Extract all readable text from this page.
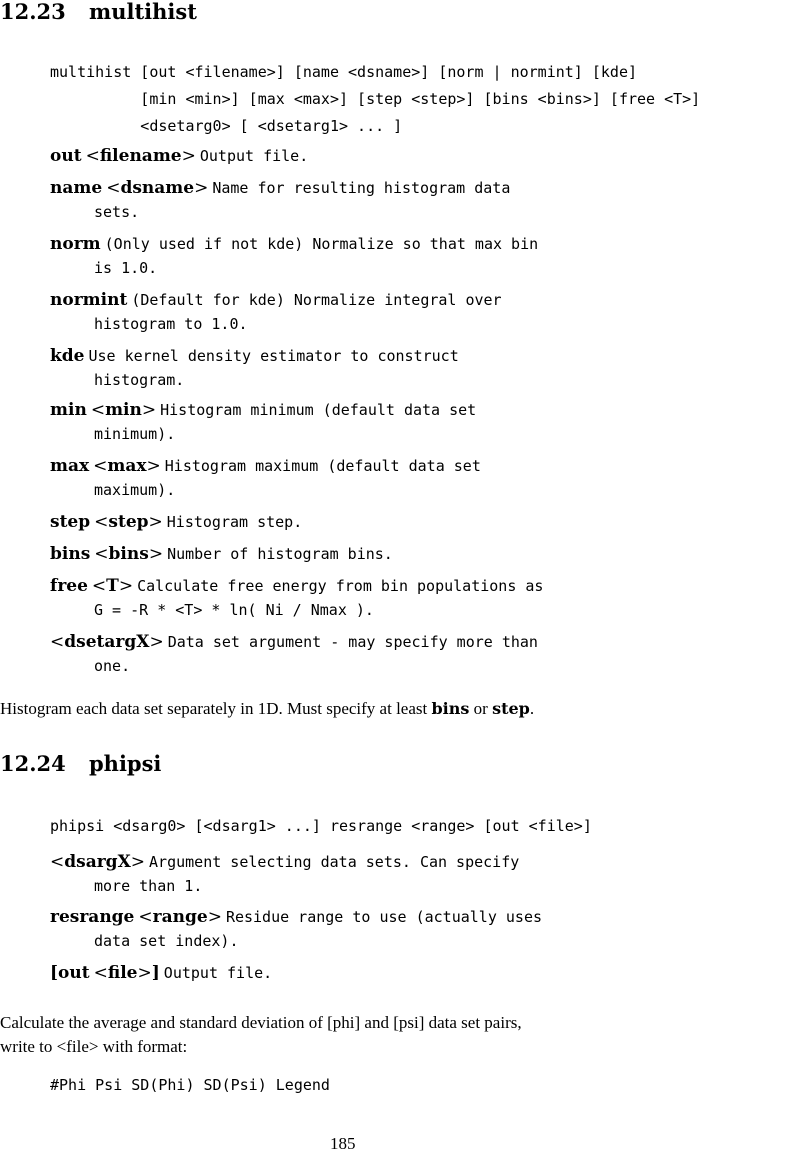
12.23 multihist
multihist [out <filename>] [name <dsname>] [norm | normint] [kde]
[min <min>] [max <max>] [step <step>] [bins <bins>] [free <T>]
<dsetarg0> [ <dsetarg1> ... ]
out <filename> Output file.
name <dsname> Name for resulting histogram data
sets.
norm (Only used if not kde) Normalize so that max bin
is 1.0.
normint (Default for kde) Normalize integral over
histogram to 1.0.
kde Use kernel density estimator to construct
histogram.
min <min> Histogram minimum (default data set
minimum).
max <max> Histogram maximum (default data set
maximum).
step <step> Histogram step.
bins <bins> Number of histogram bins.
free <T> Calculate free energy from bin populations as
G = -R * <T> * ln( Ni / Nmax ).
<dsetargX> Data set argument - may specify more than
one.

Histogram each data set separately in 1D. Must specify at least bins or step.

12.24 phipsi
phipsi <dsarg0> [<dsarg1> ...] resrange <range> [out <file>]
<dsargX> Argument selecting data sets. Can specify
more than 1.
resrange <range> Residue range to use (actually uses
data set index).
[out <file>] Output file.

Calculate the average and standard deviation of [phi] and [psi] data set pairs,
write to <file> with format:

#Phi Psi SD(Phi) SD(Psi) Legend
185
